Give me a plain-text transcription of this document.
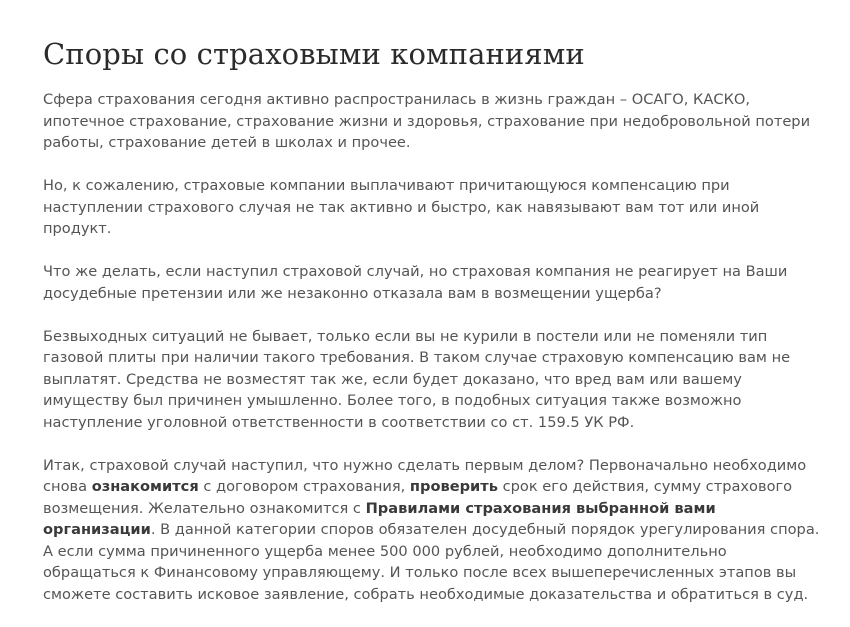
Споры со страховыми компаниями

Сфера страхования сегодня активно распространилась в жизнь граждан – ОСАГО, КАСКО, ипотечное страхование, страхование жизни и здоровья, страхование при недобровольной потери работы, страхование детей в школах и прочее.

Но, к сожалению, страховые компании выплачивают причитающуюся компенсацию при наступлении страхового случая не так активно и быстро, как навязывают вам тот или иной продукт.

Что же делать, если наступил страховой случай, но страховая компания не реагирует на Ваши досудебные претензии или же незаконно отказала вам в возмещении ущерба?

Безвыходных ситуаций не бывает, только если вы не курили в постели или не поменяли тип газовой плиты при наличии такого требования. В таком случае страховую компенсацию вам не выплатят. Средства не возместят так же, если будет доказано, что вред вам или вашему имуществу был причинен умышленно. Более того, в подобных ситуация также возможно наступление уголовной ответственности в соответствии со ст. 159.5 УК РФ.

Итак, страховой случай наступил, что нужно сделать первым делом? Первоначально необходимо снова ознакомится с договором страхования, проверить срок его действия, сумму страхового возмещения. Желательно ознакомится с Правилами страхования выбранной вами организации. В данной категории споров обязателен досудебный порядок урегулирования спора. А если сумма причиненного ущерба менее 500 000 рублей, необходимо дополнительно обращаться к Финансовому управляющему. И только после всех вышеперечисленных этапов вы сможете составить исковое заявление, собрать необходимые доказательства и обратиться в суд.
